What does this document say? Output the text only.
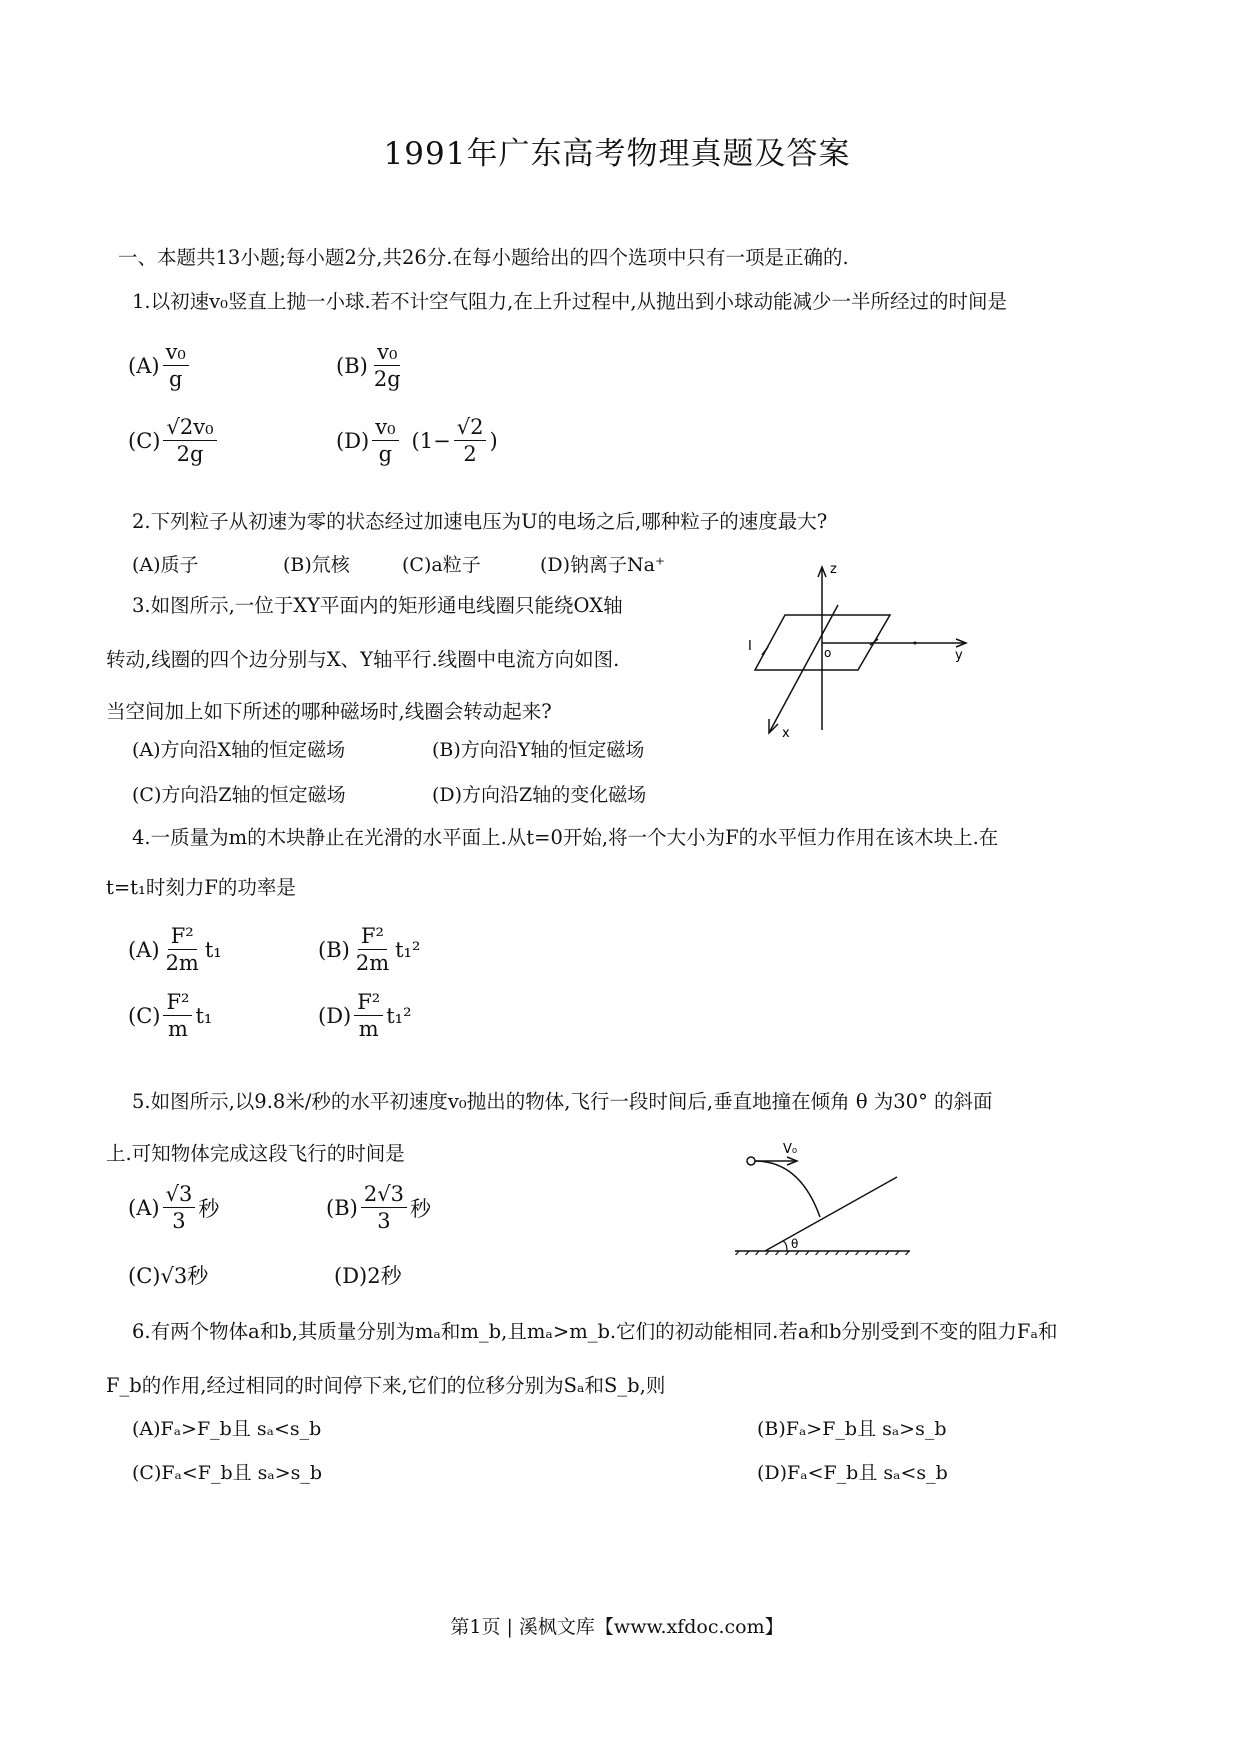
1991年广东高考物理真题及答案
一、本题共13小题;每小题2分,共26分.在每小题给出的四个选项中只有一项是正确的.
1.以初速v₀竖直上抛一小球.若不计空气阻力,在上升过程中,从抛出到小球动能减少一半所经过的时间是
$(A) \frac{\text{v₀}}{g}$	$(B) \frac{\text{v₀}}{2g}$
$(C) \frac{\text{√2v₀}}{2g}$	$(D) \frac{\text{v₀}}{g} (1- \frac{√2}{2}$ )
2.下列粒子从初速为零的状态经过加速电压为U的电场之后,哪种粒子的速度最大?
(A)质子	(B)氘核	(C)a粒子	(D)钠离子Na⁺
3.如图所示,一位于XY平面内的矩形通电线圈只能绕OX轴
转动,线圈的四个边分别与X、Y轴平行.线圈中电流方向如图.
当空间加上如下所述的哪种磁场时,线圈会转动起来?
(A)方向沿X轴的恒定磁场	(B)方向沿Y轴的恒定磁场
(C)方向沿Z轴的恒定磁场	(D)方向沿Z轴的变化磁场
z
y
x
o
I
4.一质量为m的木块静止在光滑的水平面上.从t=0开始,将一个大小为F的水平恒力作用在该木块上.在
t=t₁时刻力F的功率是
$(A) \frac{\text{F²}}{2m} t_1$	$(B) \frac{\text{F²}}{2m} t_1^2$
$(C) \frac{\text{F²}}{m} t_1$	$(D) \frac{\text{F²}}{m} t_1^2$
5.如图所示,以9.8米/秒的水平初速度v₀抛出的物体,飞行一段时间后,垂直地撞在倾角 θ 为30° 的斜面
上.可知物体完成这段飞行的时间是
$(A) \frac{√3}{3}$ 秒	$(B) \frac{2√3}{3}$ 秒
(C)√3秒	(D)2秒
V₀
θ
6.有两个物体a和b,其质量分别为mₐ和m_b,且mₐ>m_b.它们的初动能相同.若a和b分别受到不变的阻力Fₐ和
F_b的作用,经过相同的时间停下来,它们的位移分别为Sₐ和S_b,则
(A)Fₐ>F_b且 sₐ<s_b	(B)Fₐ>F_b且 sₐ>s_b
(C)Fₐ<F_b且 sₐ>s_b	(D)Fₐ<F_b且 sₐ<s_b
第1页 | 溪枫文库【www.xfdoc.com】
